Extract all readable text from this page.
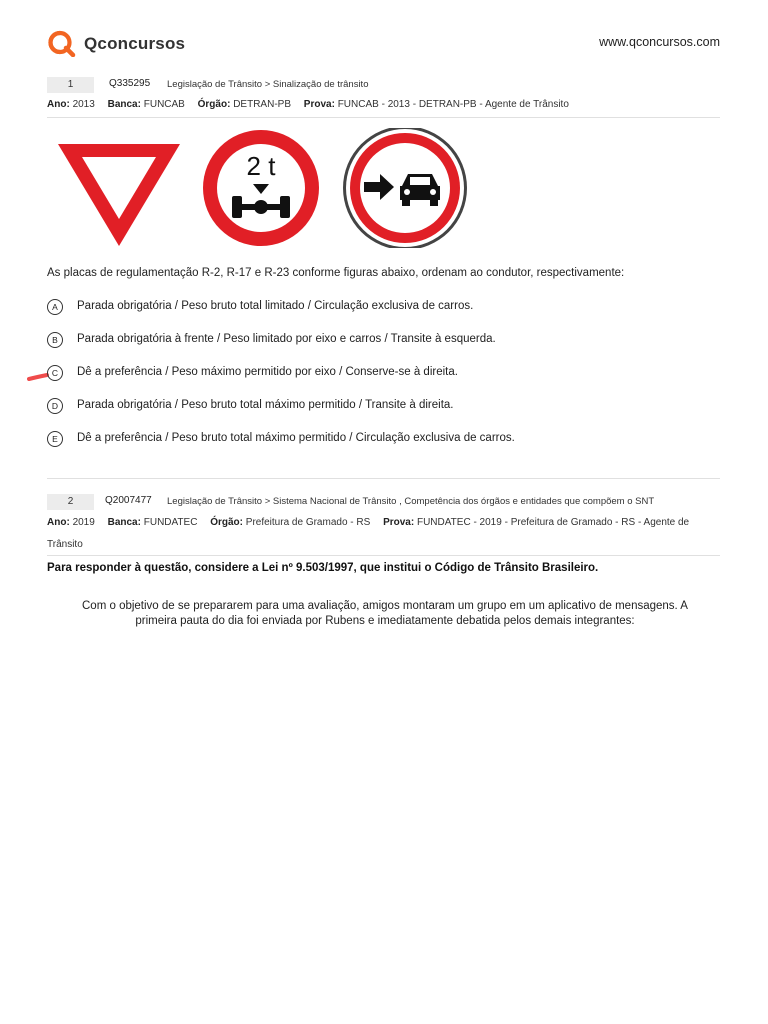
Qconcursos	www.qconcursos.com
1	Q335295 Legislação de Trânsito > Sinalização de trânsito
Ano: 2013 Banca: FUNCAB Órgão: DETRAN-PB Prova: FUNCAB - 2013 - DETRAN-PB - Agente de Trânsito
2 t
As placas de regulamentação R-2, R-17 e R-23 conforme figuras abaixo, ordenam ao condutor, respectivamente:
A	Parada obrigatória / Peso bruto total limitado / Circulação exclusiva de carros.
B	Parada obrigatória à frente / Peso limitado por eixo e carros / Transite à esquerda.
C	Dê a preferência / Peso máximo permitido por eixo / Conserve-se à direita.
D	Parada obrigatória / Peso bruto total máximo permitido / Transite à direita.
E	Dê a preferência / Peso bruto total máximo permitido / Circulação exclusiva de carros.
2	Q2007477 Legislação de Trânsito > Sistema Nacional de Trânsito , Competência dos órgãos e entidades que compõem o SNT
Ano: 2019 Banca: FUNDATEC Órgão: Prefeitura de Gramado - RS Prova: FUNDATEC - 2019 - Prefeitura de Gramado - RS - Agente de Trânsito
Para responder à questão, considere a Lei nº 9.503/1997, que institui o Código de Trânsito Brasileiro.
Com o objetivo de se prepararem para uma avaliação, amigos montaram um grupo em um aplicativo de mensagens. A primeira pauta do dia foi enviada por Rubens e imediatamente debatida pelos demais integrantes:
